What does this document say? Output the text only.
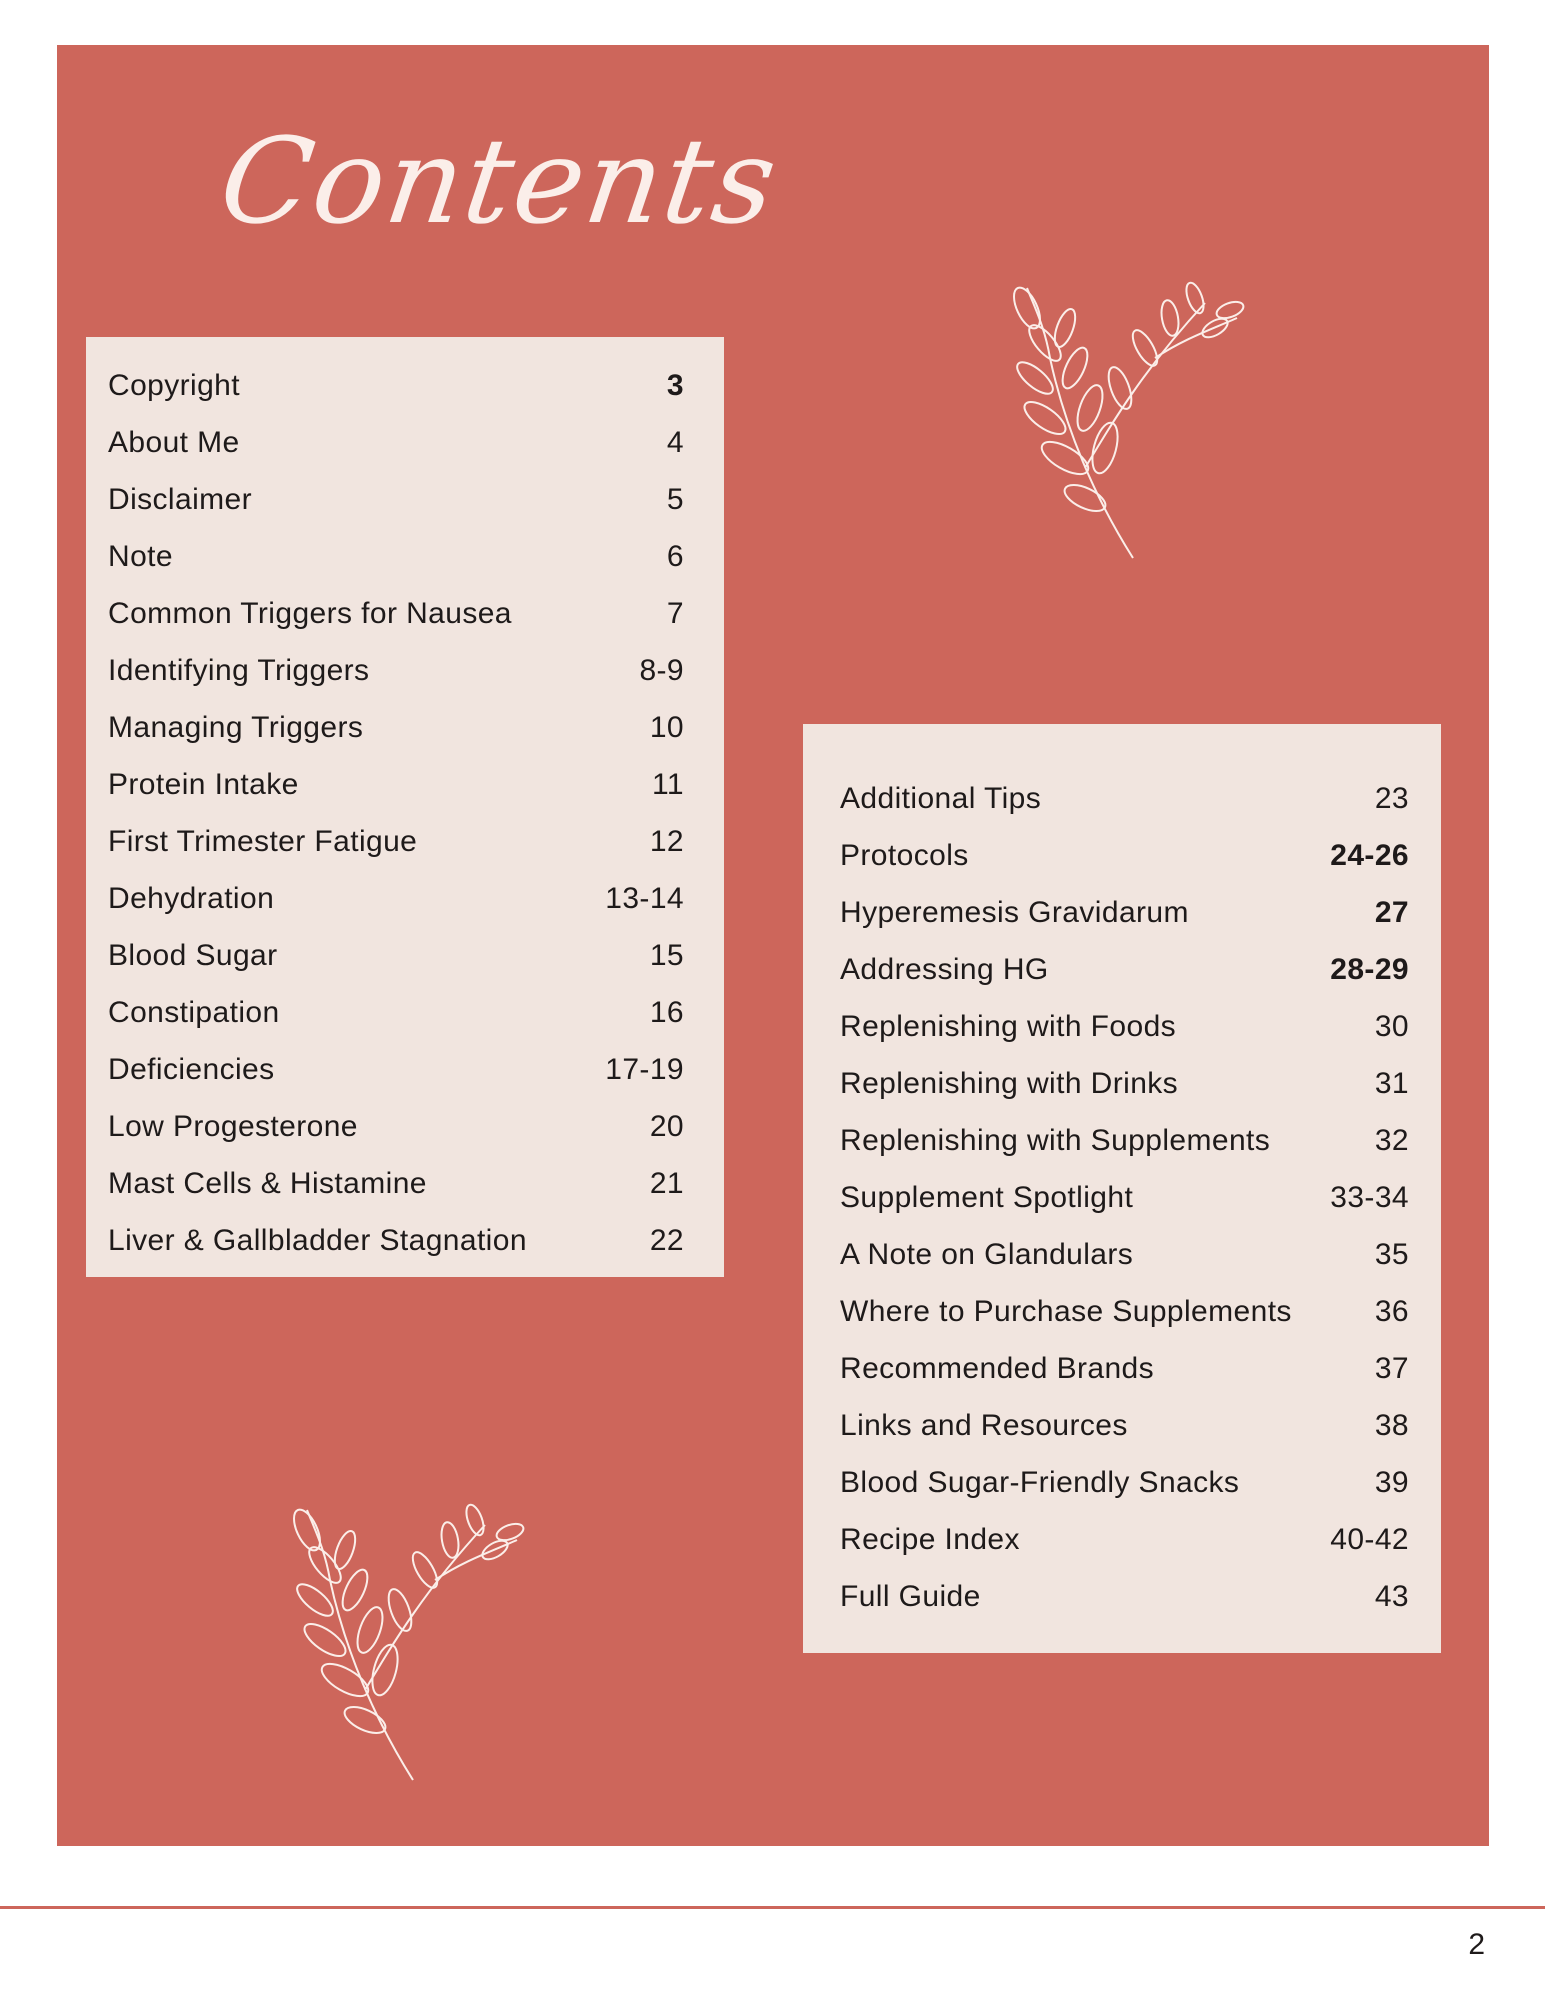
Contents
Copyright	3
About Me	4
Disclaimer	5
Note	6
Common Triggers for Nausea	7
Identifying Triggers	8-9
Managing Triggers	10
Protein Intake	11
First Trimester Fatigue	12
Dehydration	13-14
Blood Sugar	15
Constipation	16
Deficiencies	17-19
Low Progesterone	20
Mast Cells & Histamine	21
Liver & Gallbladder Stagnation	22
Additional Tips	23
Protocols	24-26
Hyperemesis Gravidarum	27
Addressing HG	28-29
Replenishing with Foods	30
Replenishing with Drinks	31
Replenishing with Supplements	32
Supplement Spotlight	33-34
A Note on Glandulars	35
Where to Purchase Supplements	36
Recommended Brands	37
Links and Resources	38
Blood Sugar-Friendly Snacks	39
Recipe Index	40-42
Full Guide	43
2
